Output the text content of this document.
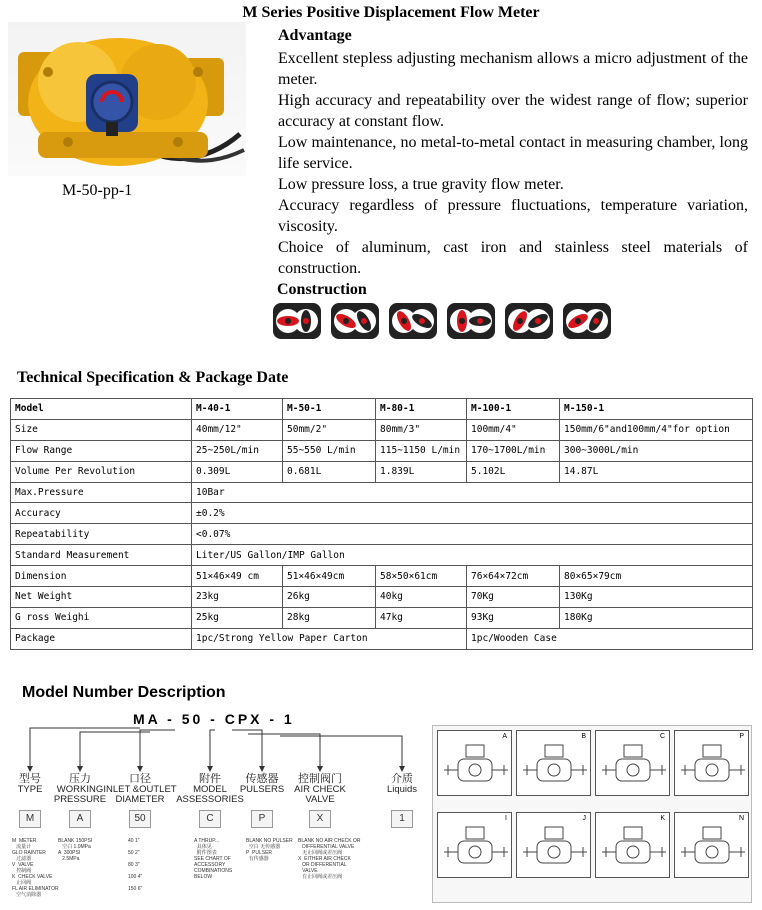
M Series Positive Displacement Flow Meter
M-50-pp-1
Advantage

Excellent stepless adjusting mechanism allows a micro adjustment of the meter.

High accuracy and repeatability over the widest range of flow; superior accuracy at constant flow.

Low maintenance, no metal-to-metal contact in measuring chamber, long life service.

Low pressure loss, a true gravity flow meter.

Accuracy regardless of pressure fluctuations, temperature variation, viscosity.

Choice of aluminum, cast iron and stainless steel materials of construction.

Construction
Technical Specification & Package Date
Model	M-40-1	M-50-1	M-80-1	M-100-1	M-150-1
Size	40mm/12"	50mm/2"	80mm/3"	100mm/4"	150mm/6"and100mm/4"for option
Flow Range	25~250L/min	55~550 L/min	115~1150 L/min	170~1700L/min	300~3000L/min
Volume Per Revolution	0.309L	0.681L	1.839L	5.102L	14.87L
Max.Pressure	10Bar				
Accuracy	±0.2%				
Repeatability	<0.07%				
Standard Measurement	Liter/US Gallon/IMP Gallon				
Dimension	51×46×49 cm	51×46×49cm	58×50×61cm	76×64×72cm	80×65×79cm
Net Weight	23kg	26kg	40kg	70Kg	130Kg
G ross Weighi	25kg	28kg	47kg	93Kg	180Kg
Package	1pc/Strong Yellow Paper Carton			1pc/Wooden Case	
Model Number Description
MA - 50 - CPX - 1
型号
TYPE
M
M  METER
流量计
GLO RAINTER
过滤器
V  VALVE
控制阀
K  CHECK VALVE
止回阀
FL AIR ELIMINATOR
空气消除器
压力
WORKING
PRESSURE
A
BLANK 150PSI
空白 1.0MPa
A  300PSI
2.5MPa
口径
INLET &OUTLET
DIAMETER
50
40 1"

50 2"

80 3"

100 4"

150 6"
附件
MODEL
ASSESSORIES
C
A THRUP...
具体见
附件图表
SEE CHART OF
ACCESSORY
COMBINATIONS
BELOW
传感器
PULSERS
P
BLANK NO PULSER
空白 无传感器
P  PULSER
有传感器
控制阀门
AIR CHECK
VALVE
X
BLANK NO AIR CHECK OR
DIFFERENTIAL VALVE
无止回阀或差压阀
X  EITHER AIR CHECK
OR DIFFERENTIAL
VALVE
有止回阀或差压阀
介质
Liquids
1
A	B	C	P
I	J	K	N
